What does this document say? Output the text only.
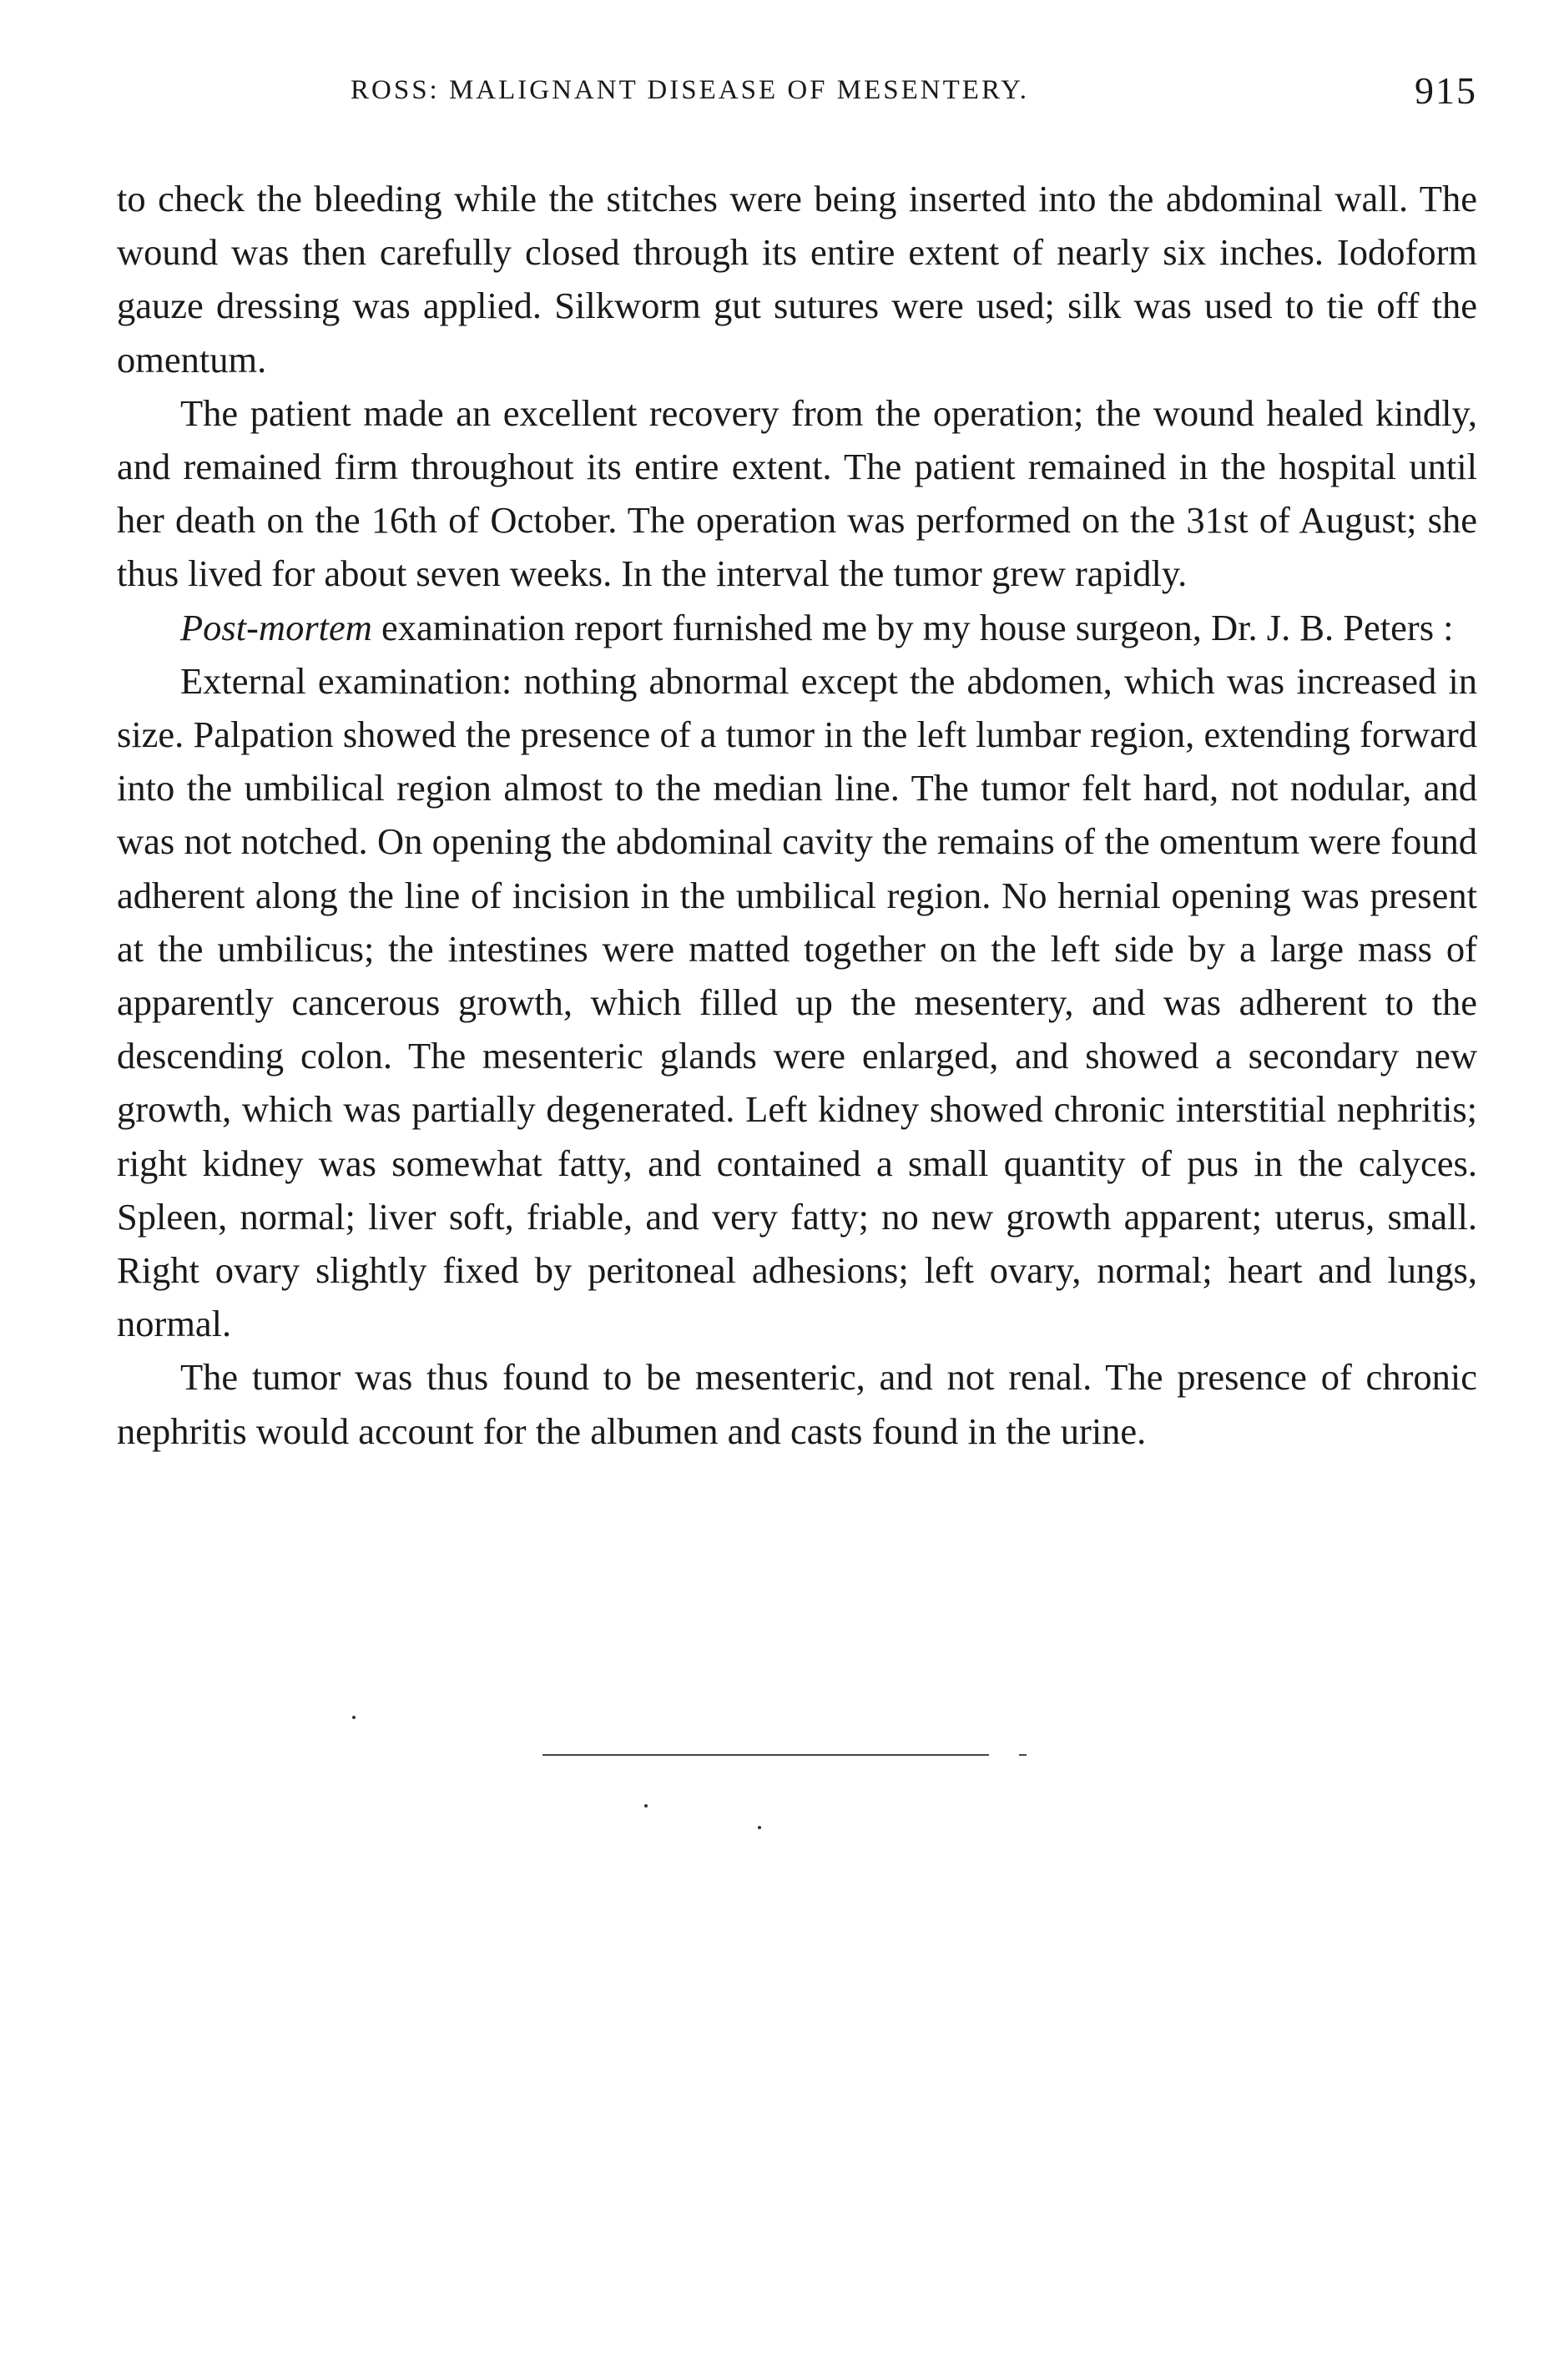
ROSS: MALIGNANT DISEASE OF MESENTERY.	915

to check the bleeding while the stitches were being inserted into the abdominal wall. The wound was then carefully closed through its entire extent of nearly six inches. Iodoform gauze dressing was applied. Silkworm gut sutures were used; silk was used to tie off the omentum.

The patient made an excellent recovery from the operation; the wound healed kindly, and remained firm throughout its entire extent. The patient remained in the hospital until her death on the 16th of October. The operation was performed on the 31st of August; she thus lived for about seven weeks. In the interval the tumor grew rapidly.

Post-mortem examination report furnished me by my house surgeon, Dr. J. B. Peters :

External examination: nothing abnormal except the abdomen, which was increased in size. Palpation showed the presence of a tumor in the left lumbar region, extending forward into the umbilical region almost to the median line. The tumor felt hard, not nodular, and was not notched. On opening the abdominal cavity the remains of the omentum were found adherent along the line of incision in the umbilical region. No hernial opening was present at the umbilicus; the intestines were matted together on the left side by a large mass of apparently cancerous growth, which filled up the mesentery, and was adherent to the descending colon. The mesenteric glands were enlarged, and showed a secondary new growth, which was partially degenerated. Left kidney showed chronic interstitial nephritis; right kidney was somewhat fatty, and contained a small quantity of pus in the calyces. Spleen, normal; liver soft, friable, and very fatty; no new growth apparent; uterus, small. Right ovary slightly fixed by peritoneal adhesions; left ovary, normal; heart and lungs, normal.

The tumor was thus found to be mesenteric, and not renal. The presence of chronic nephritis would account for the albumen and casts found in the urine.
